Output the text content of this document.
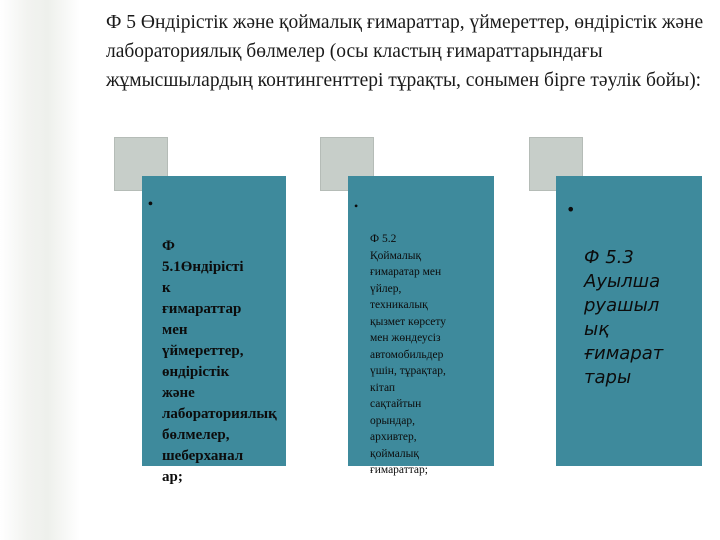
Ф 5 Өндірістік және қоймалық ғимараттар, үймереттер, өндірістік және лабораториялық бөлмелер (осы кластың ғимараттарындағы жұмысшылардың контингенттері тұрақты, сонымен бірге тәулік бойы):

•

Ф
5.1Өндірісті
к
ғимараттар
мен
үймереттер,
өндірістік
және
лабораториялық
бөлмелер,
шеберханал
ар;

•

Ф 5.2
Қоймалық
ғимаратар мен
үйлер,
техникалық
қызмет көрсету
мен жөндеусіз
автомобильдер
үшін, тұрақтар,
кітап
сақтайтын
орындар,
архивтер,
қоймалық
ғимараттар;

•

Ф 5.3
Ауылша
руашыл
ық
ғимарат
тары
